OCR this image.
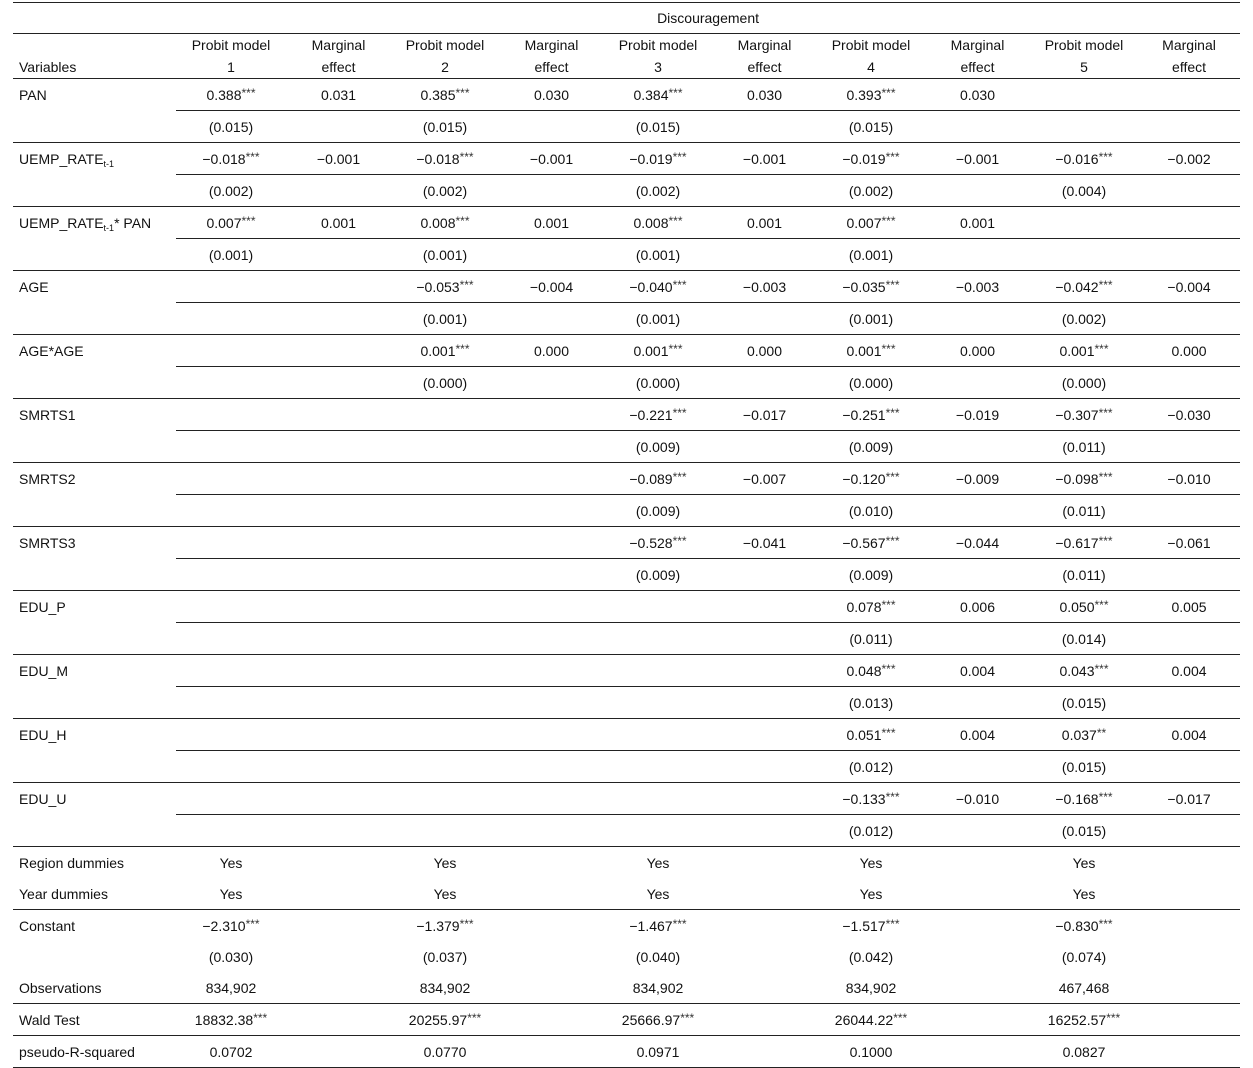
	Discouragement									
	Probit model	Marginal	Probit model	Marginal	Probit model	Marginal	Probit model	Marginal	Probit model	Marginal
Variables	1	effect	2	effect	3	effect	4	effect	5	effect
PAN	0.388***	0.031	0.385***	0.030	0.384***	0.030	0.393***	0.030		
	(0.015)		(0.015)		(0.015)		(0.015)			
$UEMP\_RATE_{t-1}$	−0.018***	−0.001	−0.018***	−0.001	−0.019***	−0.001	−0.019***	−0.001	−0.016***	−0.002
	(0.002)		(0.002)		(0.002)		(0.002)		(0.004)	
$UEMP\_RATE_{t-1}*$ PAN	0.007***	0.001	0.008***	0.001	0.008***	0.001	0.007***	0.001		
	(0.001)		(0.001)		(0.001)		(0.001)			
AGE			−0.053***	−0.004	−0.040***	−0.003	−0.035***	−0.003	−0.042***	−0.004
			(0.001)		(0.001)		(0.001)		(0.002)	
AGE*AGE			0.001***	0.000	0.001***	0.000	0.001***	0.000	0.001***	0.000
			(0.000)		(0.000)		(0.000)		(0.000)	
SMRTS1					−0.221***	−0.017	−0.251***	−0.019	−0.307***	−0.030
					(0.009)		(0.009)		(0.011)	
SMRTS2					−0.089***	−0.007	−0.120***	−0.009	−0.098***	−0.010
					(0.009)		(0.010)		(0.011)	
SMRTS3					−0.528***	−0.041	−0.567***	−0.044	−0.617***	−0.061
					(0.009)		(0.009)		(0.011)	
EDU_P							0.078***	0.006	0.050***	0.005
							(0.011)		(0.014)	
EDU_M							0.048***	0.004	0.043***	0.004
							(0.013)		(0.015)	
EDU_H							0.051***	0.004	0.037**	0.004
							(0.012)		(0.015)	
EDU_U							−0.133***	−0.010	−0.168***	−0.017
							(0.012)		(0.015)	
Region dummies	Yes		Yes		Yes		Yes		Yes	
Year dummies	Yes		Yes		Yes		Yes		Yes	
Constant	−2.310***		−1.379***		−1.467***		−1.517***		−0.830***	
	(0.030)		(0.037)		(0.040)		(0.042)		(0.074)	
Observations	834,902		834,902		834,902		834,902		467,468	
Wald Test	18832.38***		20255.97***		25666.97***		26044.22***		16252.57***	
pseudo-R-squared	0.0702		0.0770		0.0971		0.1000		0.0827	
